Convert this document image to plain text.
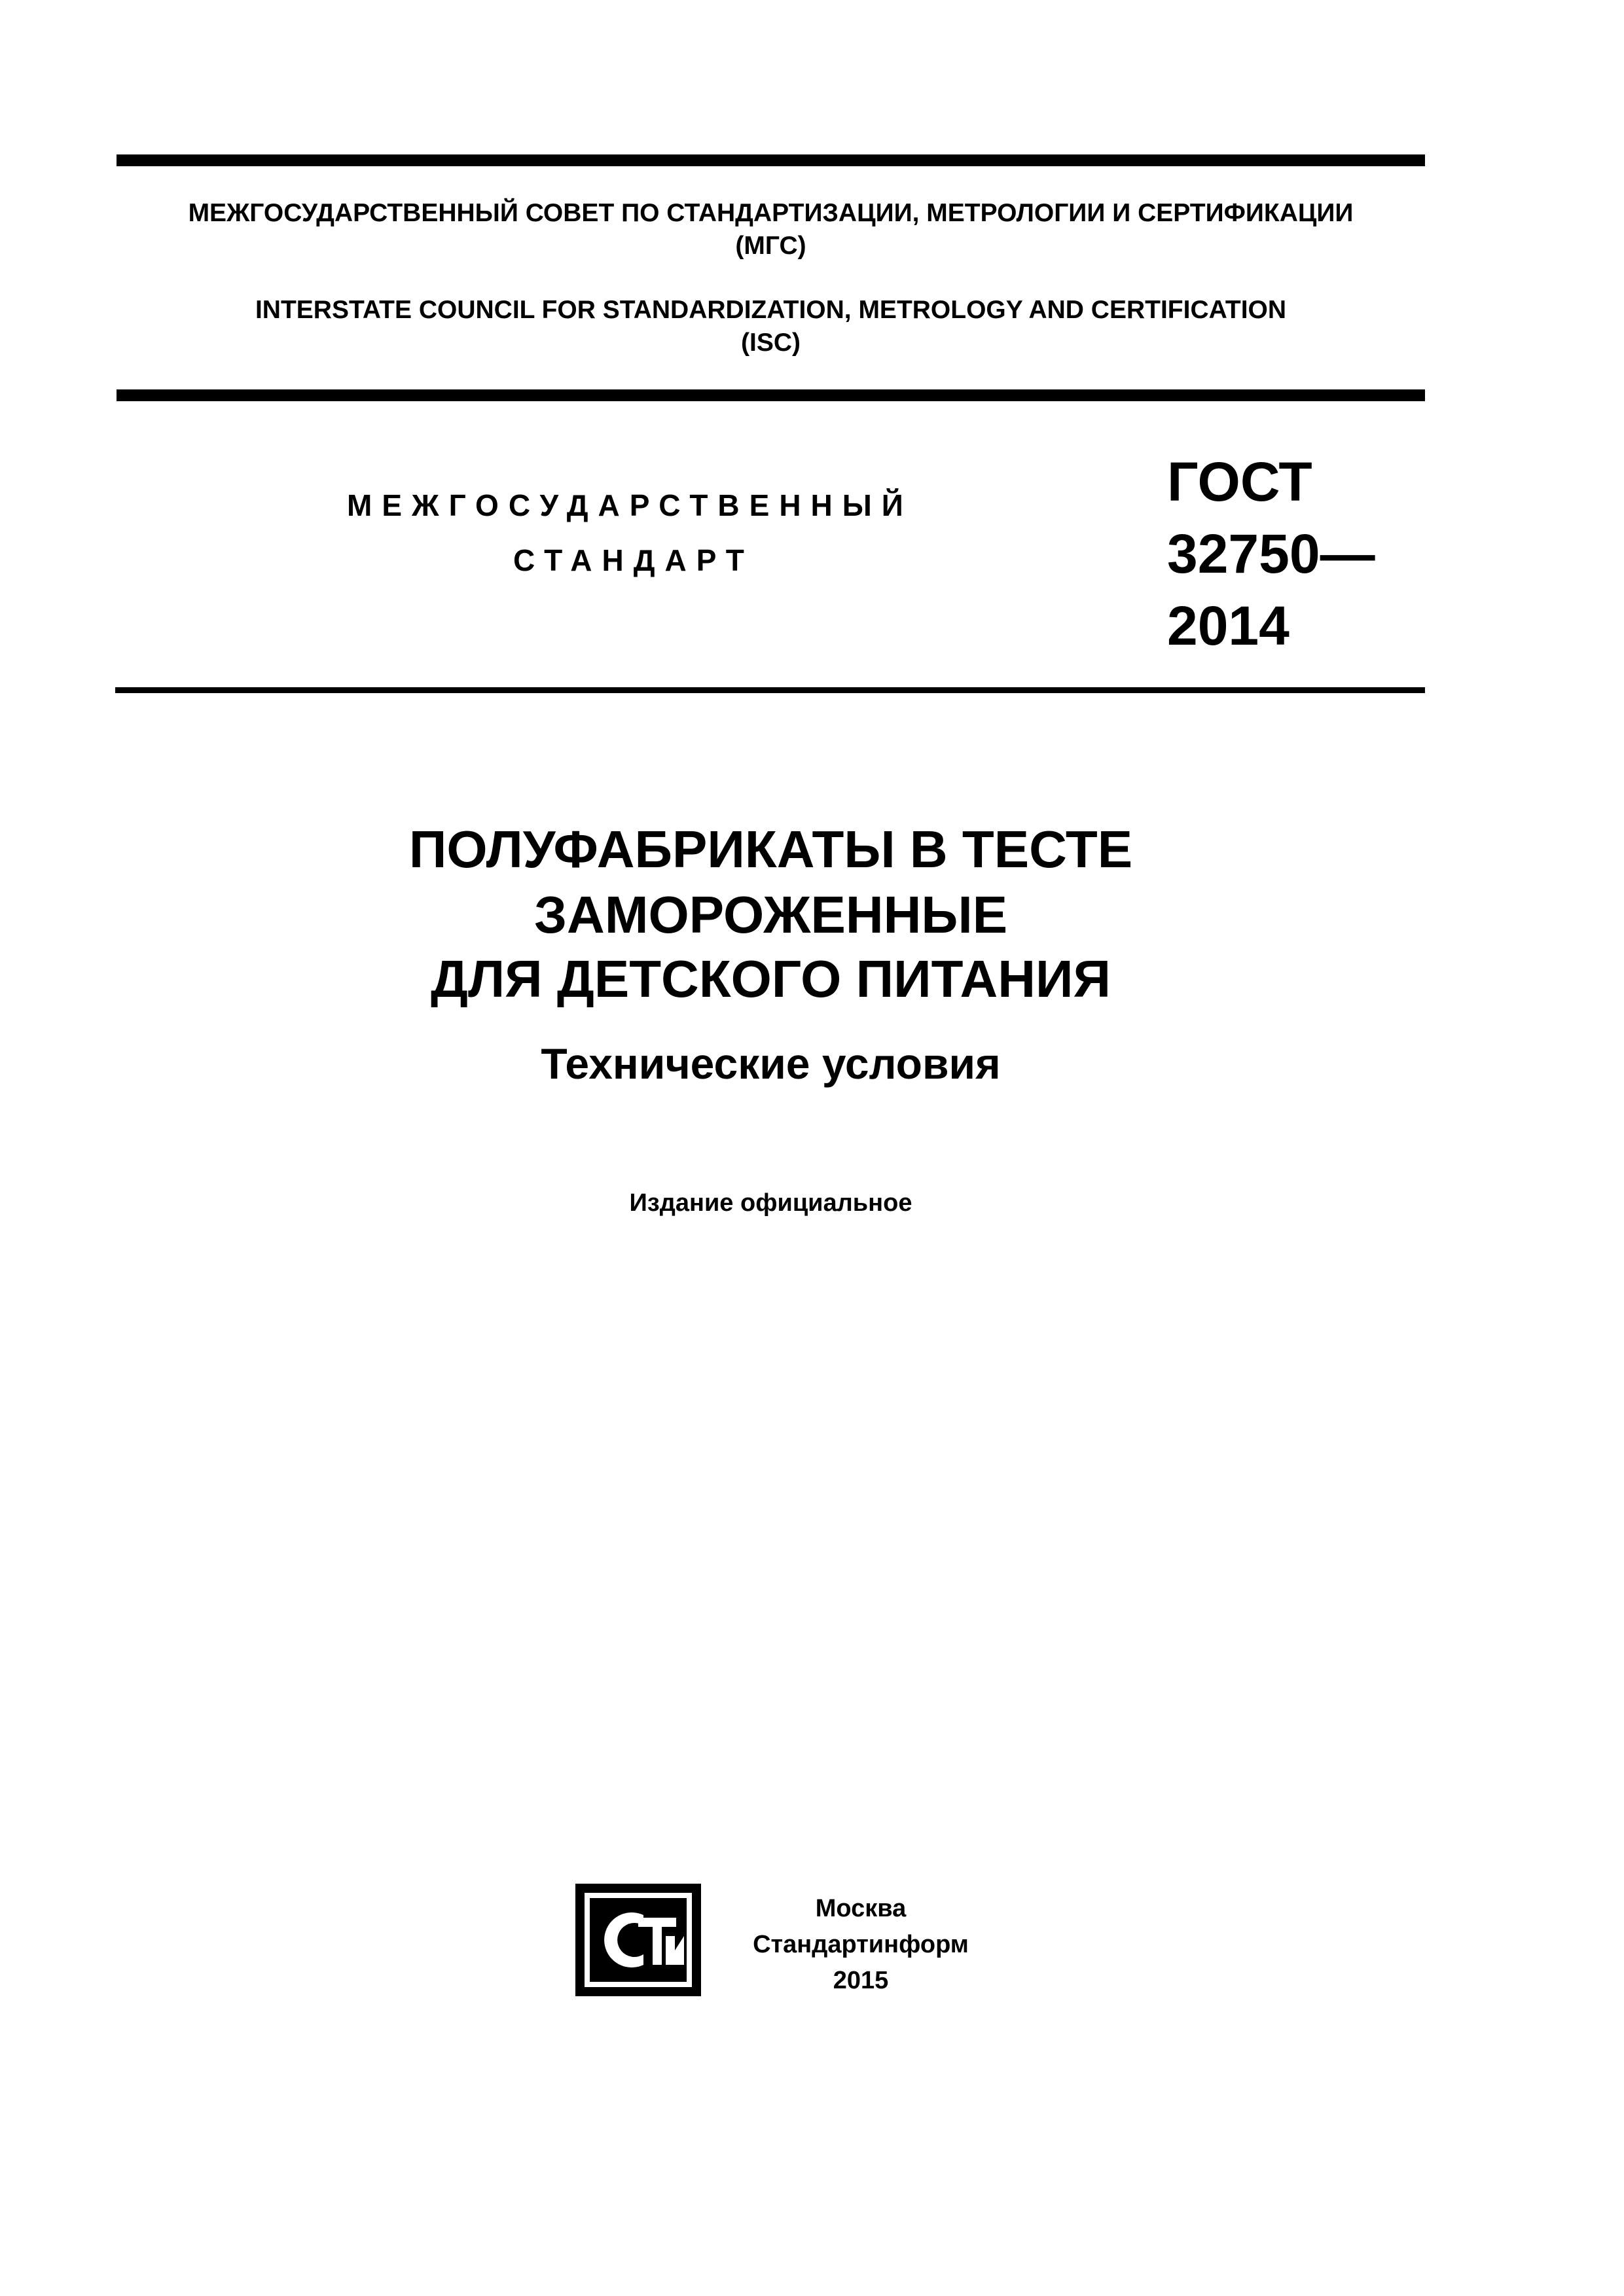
МЕЖГОСУДАРСТВЕННЫЙ СОВЕТ ПО СТАНДАРТИЗАЦИИ, МЕТРОЛОГИИ И СЕРТИФИКАЦИИ
(МГС)
INTERSTATE COUNCIL FOR STANDARDIZATION, METROLOGY AND CERTIFICATION
(ISC)
МЕЖГОСУДАРСТВЕННЫЙ
СТАНДАРТ
ГОСТ
32750—
2014
ПОЛУФАБРИКАТЫ В ТЕСТЕ
ЗАМОРОЖЕННЫЕ
ДЛЯ ДЕТСКОГО ПИТАНИЯ
Технические условия
Издание официальное
Москва
Стандартинформ
2015
